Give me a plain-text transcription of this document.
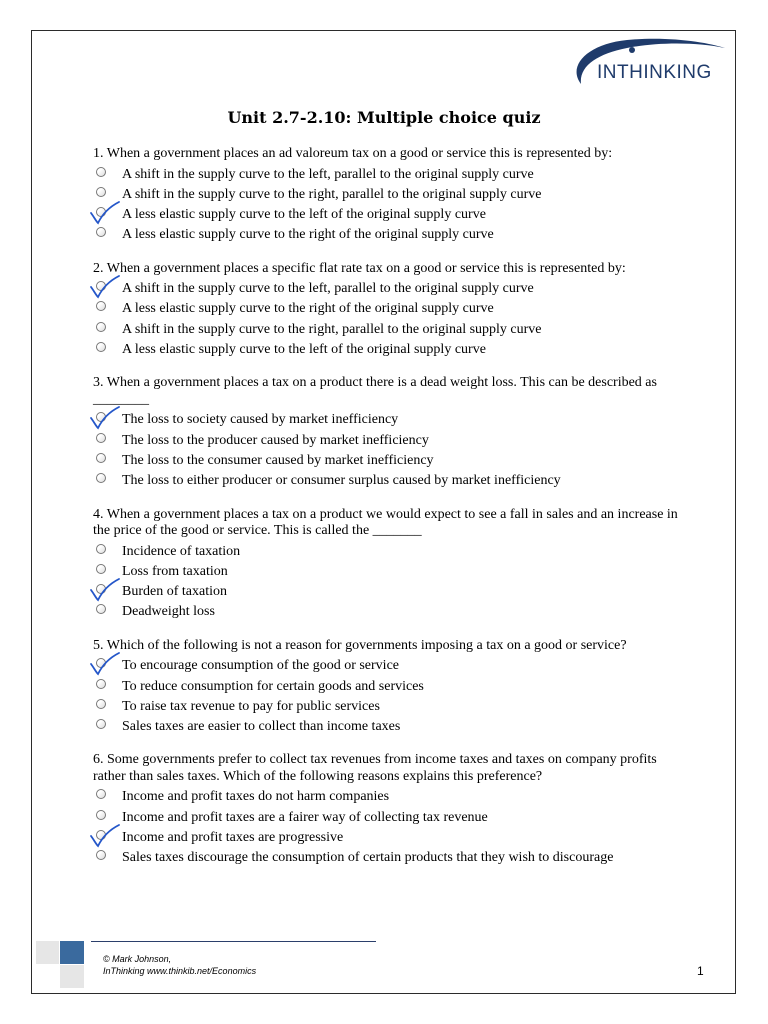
INTHINKING
Unit 2.7-2.10: Multiple choice quiz
1. When a government places an ad valoreum tax on a good or service this is represented by:
A shift in the supply curve to the left, parallel to the original supply curve
A shift in the supply curve to the right, parallel to the original supply curve
A less elastic supply curve to the left of the original supply curve
A less elastic supply curve to the right of the original supply curve
2. When a government places a specific flat rate tax on a good or service this is represented by:
A shift in the supply curve to the left, parallel to the original supply curve
A less elastic supply curve to the right of the original supply curve
A shift in the supply curve to the right, parallel to the original supply curve
A less elastic supply curve to the left of the original supply curve
3. When a government places a tax on a product there is a dead weight loss. This can be described as ________
The loss to society caused by market inefficiency
The loss to the producer caused by market inefficiency
The loss to the consumer caused by market inefficiency
The loss to either producer or consumer surplus caused by market inefficiency
4. When a government places a tax on a product we would expect to see a fall in sales and an increase in the price of the good or service. This is called the _______
Incidence of taxation
Loss from taxation
Burden of taxation
Deadweight loss
5. Which of the following is not a reason for governments imposing a tax on a good or service?
To encourage consumption of the good or service
To reduce consumption for certain goods and services
To raise tax revenue to pay for public services
Sales taxes are easier to collect than income taxes
6. Some governments prefer to collect tax revenues from income taxes and taxes on company profits rather than sales taxes. Which of the following reasons explains this preference?
Income and profit taxes do not harm companies
Income and profit taxes are a fairer way of collecting tax revenue
Income and profit taxes are progressive
Sales taxes discourage the consumption of certain products that they wish to discourage
© Mark Johnson,
InThinking www.thinkib.net/Economics	1
